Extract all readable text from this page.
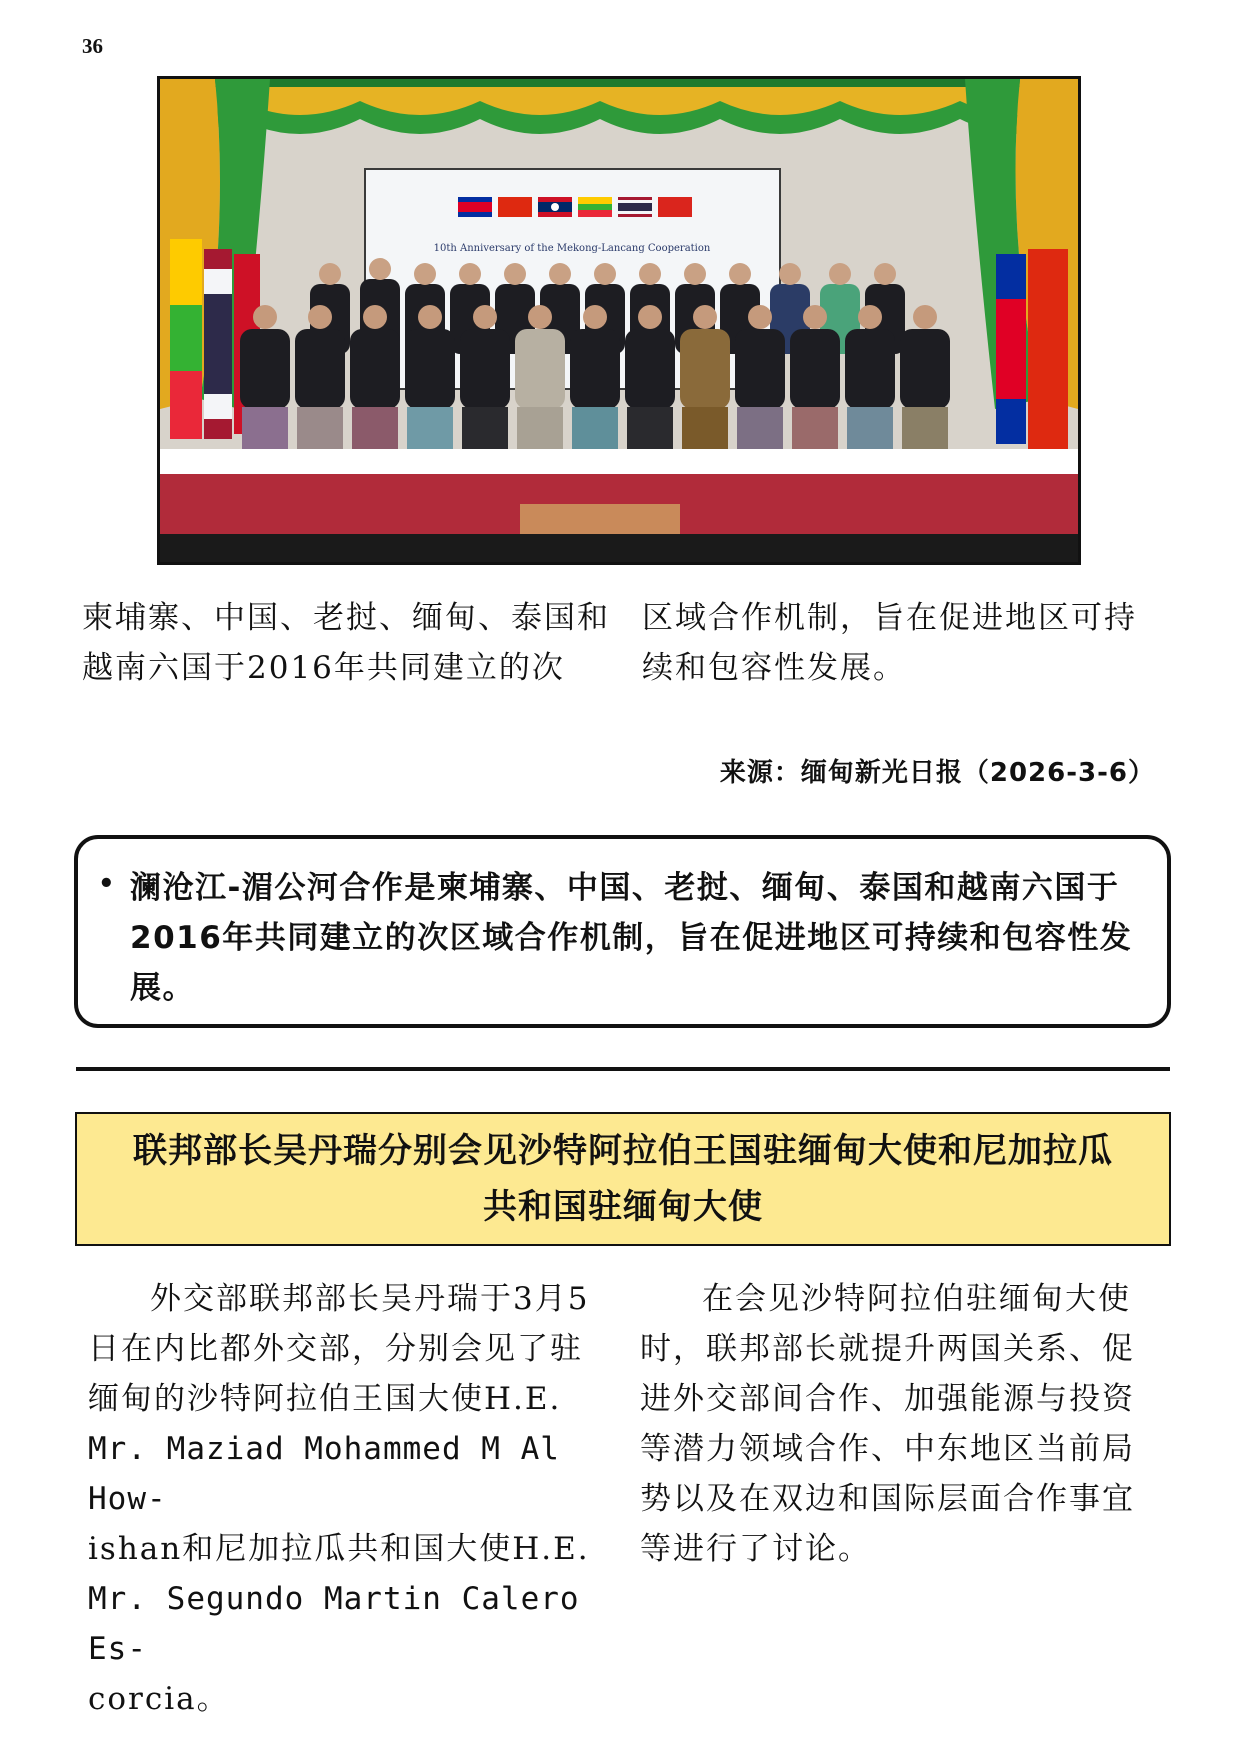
36
10th Anniversary of the Mekong-Lancang Cooperation
柬埔寨、中国、老挝、缅甸、泰国和越南六国于2016年共同建立的次
区域合作机制，旨在促进地区可持续和包容性发展。
来源：缅甸新光日报（2026-3-6）
• 澜沧江-湄公河合作是柬埔寨、中国、老挝、缅甸、泰国和越南六国于2016年共同建立的次区域合作机制，旨在促进地区可持续和包容性发展。
联邦部长吴丹瑞分别会见沙特阿拉伯王国驻缅甸大使和尼加拉瓜
共和国驻缅甸大使

外交部联邦部长吴丹瑞于3月5

日在内比都外交部，分别会见了驻

缅甸的沙特阿拉伯王国大使H.E.

Mr. Maziad Mohammed M Al How-

ishan和尼加拉瓜共和国大使H.E.

Mr. Segundo Martin Calero Es-

corcia。

在会见沙特阿拉伯驻缅甸大使

时，联邦部长就提升两国关系、促

进外交部间合作、加强能源与投资

等潜力领域合作、中东地区当前局

势以及在双边和国际层面合作事宜

等进行了讨论。
